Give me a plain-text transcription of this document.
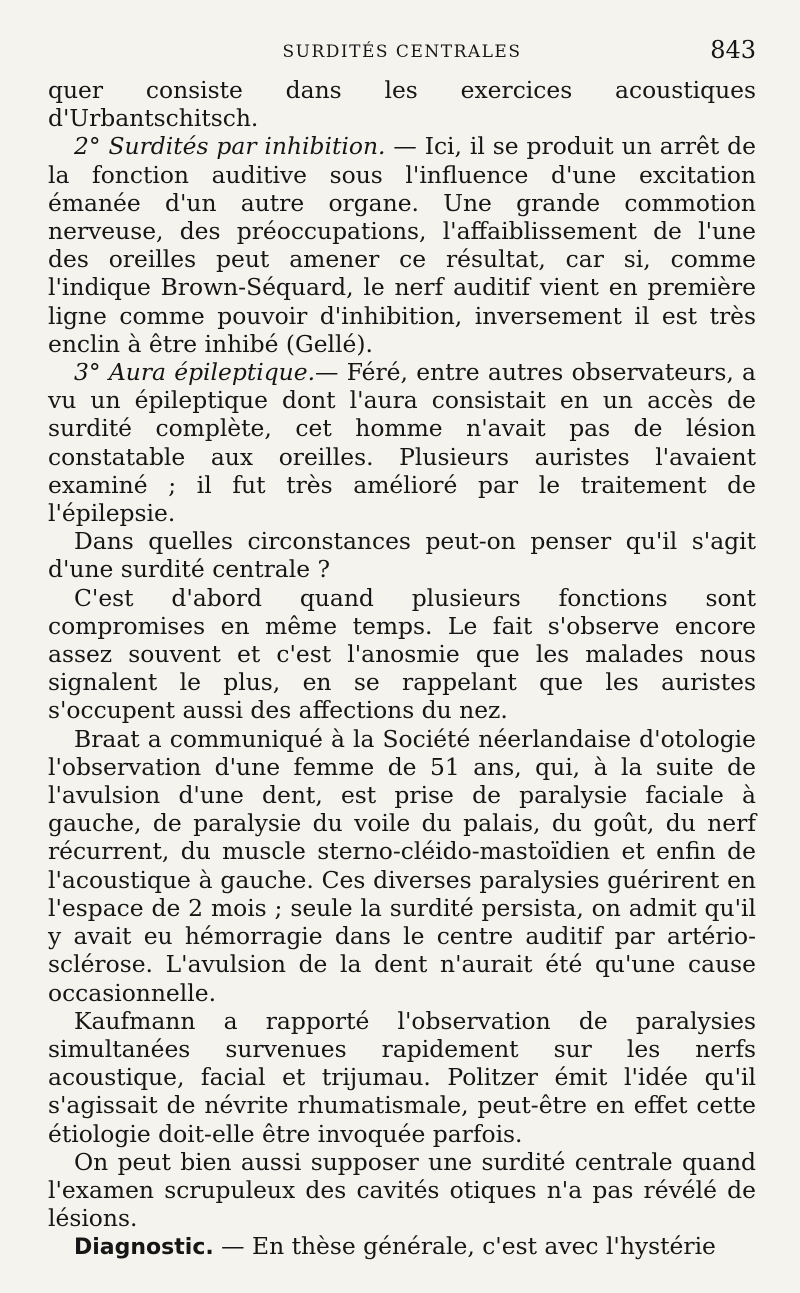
SURDITÉS CENTRALES	843

quer consiste dans les exercices acoustiques d'Urbantschitsch.

2° Surdités par inhibition. — Ici, il se produit un arrêt de la fonction auditive sous l'influence d'une excitation émanée d'un autre organe. Une grande commotion nerveuse, des préoccupations, l'affaiblissement de l'une des oreilles peut amener ce résultat, car si, comme l'indique Brown-Séquard, le nerf auditif vient en première ligne comme pouvoir d'inhibition, inversement il est très enclin à être inhibé (Gellé).

3° Aura épileptique.— Féré, entre autres observateurs, a vu un épileptique dont l'aura consistait en un accès de surdité complète, cet homme n'avait pas de lésion constatable aux oreilles. Plusieurs auristes l'avaient examiné ; il fut très amélioré par le traitement de l'épilepsie.

Dans quelles circonstances peut-on penser qu'il s'agit d'une surdité centrale ?

C'est d'abord quand plusieurs fonctions sont compromises en même temps. Le fait s'observe encore assez souvent et c'est l'anosmie que les malades nous signalent le plus, en se rappelant que les auristes s'occupent aussi des affections du nez.

Braat a communiqué à la Société néerlandaise d'otologie l'observation d'une femme de 51 ans, qui, à la suite de l'avulsion d'une dent, est prise de paralysie faciale à gauche, de paralysie du voile du palais, du goût, du nerf récurrent, du muscle sterno-cléido-mastoïdien et enfin de l'acoustique à gauche. Ces diverses paralysies guérirent en l'espace de 2 mois ; seule la surdité persista, on admit qu'il y avait eu hémorragie dans le centre auditif par artério-sclérose. L'avulsion de la dent n'aurait été qu'une cause occasionnelle.

Kaufmann a rapporté l'observation de paralysies simultanées survenues rapidement sur les nerfs acoustique, facial et trijumau. Politzer émit l'idée qu'il s'agissait de névrite rhumatismale, peut-être en effet cette étiologie doit-elle être invoquée parfois.

On peut bien aussi supposer une surdité centrale quand l'examen scrupuleux des cavités otiques n'a pas révélé de lésions.

Diagnostic. — En thèse générale, c'est avec l'hystérie
